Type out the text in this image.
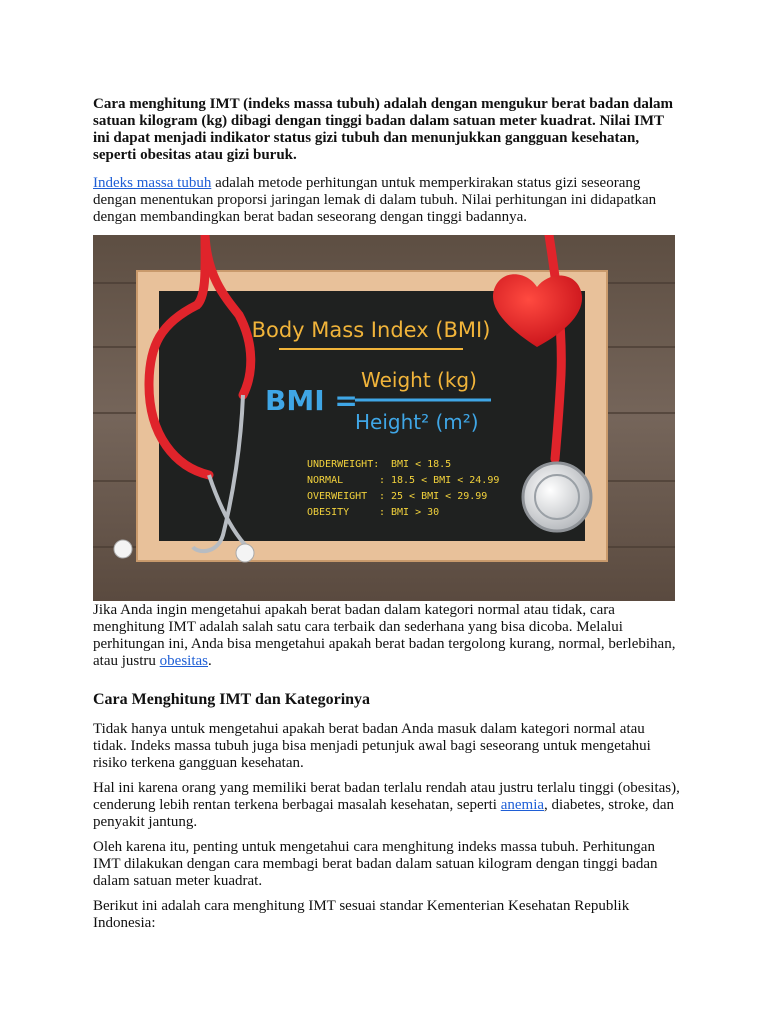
Cara menghitung IMT (indeks massa tubuh) adalah dengan mengukur berat badan dalam satuan kilogram (kg) dibagi dengan tinggi badan dalam satuan meter kuadrat. Nilai IMT ini dapat menjadi indikator status gizi tubuh dan menunjukkan gangguan kesehatan, seperti obesitas atau gizi buruk.

Indeks massa tubuh adalah metode perhitungan untuk memperkirakan status gizi seseorang dengan menentukan proporsi jaringan lemak di dalam tubuh. Nilai perhitungan ini didapatkan dengan membandingkan berat badan seseorang dengan tinggi badannya.

Body Mass Index (BMI)
BMI =
Weight (kg)
Height² (m²)
UNDERWEIGHT: BMI < 18.5
NORMAL	: 18.5 < BMI < 24.99
OVERWEIGHT : 25 < BMI < 29.99
OBESITY	: BMI > 30

Jika Anda ingin mengetahui apakah berat badan dalam kategori normal atau tidak, cara menghitung IMT adalah salah satu cara terbaik dan sederhana yang bisa dicoba. Melalui perhitungan ini, Anda bisa mengetahui apakah berat badan tergolong kurang, normal, berlebihan, atau justru obesitas.

Cara Menghitung IMT dan Kategorinya

Tidak hanya untuk mengetahui apakah berat badan Anda masuk dalam kategori normal atau tidak. Indeks massa tubuh juga bisa menjadi petunjuk awal bagi seseorang untuk mengetahui risiko terkena gangguan kesehatan.

Hal ini karena orang yang memiliki berat badan terlalu rendah atau justru terlalu tinggi (obesitas), cenderung lebih rentan terkena berbagai masalah kesehatan, seperti anemia, diabetes, stroke, dan penyakit jantung.

Oleh karena itu, penting untuk mengetahui cara menghitung indeks massa tubuh. Perhitungan IMT dilakukan dengan cara membagi berat badan dalam satuan kilogram dengan tinggi badan dalam satuan meter kuadrat.

Berikut ini adalah cara menghitung IMT sesuai standar Kementerian Kesehatan Republik Indonesia:
